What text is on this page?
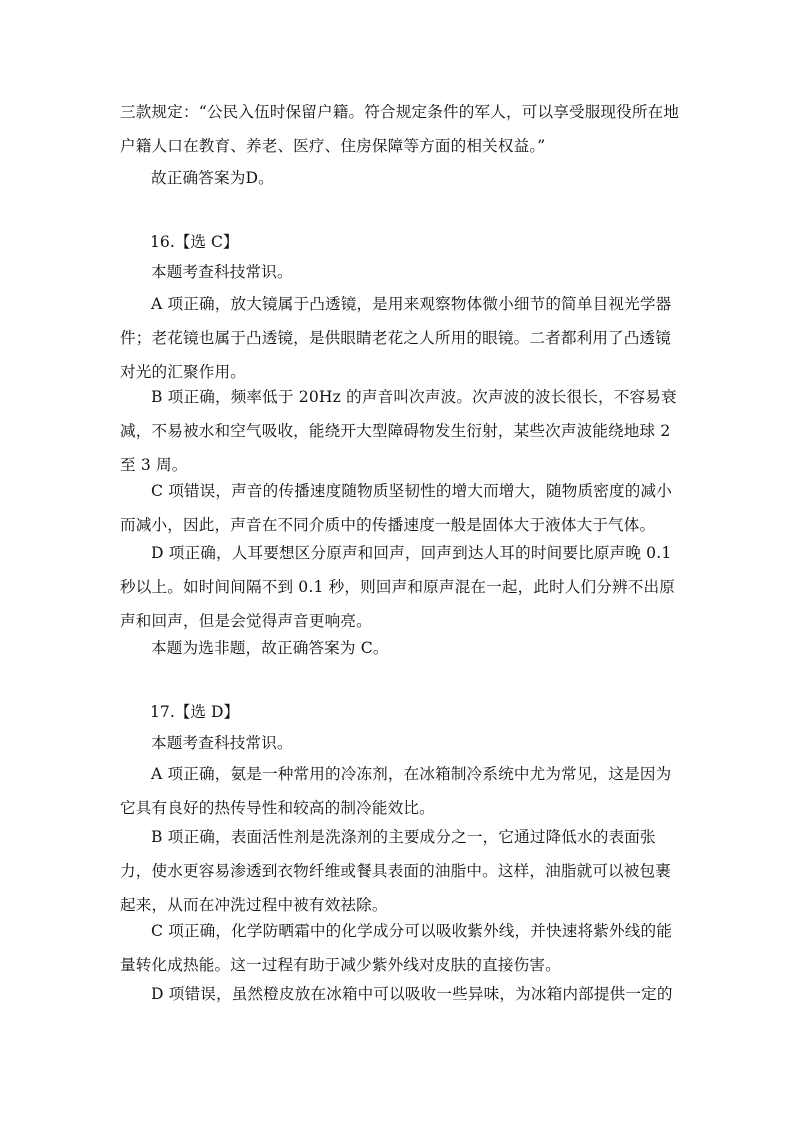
三款规定：“公民入伍时保留户籍。符合规定条件的军人，可以享受服现役所在地户籍人口在教育、养老、医疗、住房保障等方面的相关权益。”

故正确答案为D。

16.【选 C】

本题考查科技常识。

A 项正确，放大镜属于凸透镜，是用来观察物体微小细节的简单目视光学器件；老花镜也属于凸透镜，是供眼睛老花之人所用的眼镜。二者都利用了凸透镜对光的汇聚作用。

B 项正确，频率低于 20Hz 的声音叫次声波。次声波的波长很长，不容易衰减，不易被水和空气吸收，能绕开大型障碍物发生衍射，某些次声波能绕地球 2 至 3 周。

C 项错误，声音的传播速度随物质坚韧性的增大而增大，随物质密度的减小而减小，因此，声音在不同介质中的传播速度一般是固体大于液体大于气体。

D 项正确，人耳要想区分原声和回声，回声到达人耳的时间要比原声晚 0.1 秒以上。如时间间隔不到 0.1 秒，则回声和原声混在一起，此时人们分辨不出原声和回声，但是会觉得声音更响亮。

本题为选非题，故正确答案为 C。

17.【选 D】

本题考查科技常识。

A 项正确，氨是一种常用的冷冻剂，在冰箱制冷系统中尤为常见，这是因为它具有良好的热传导性和较高的制冷能效比。

B 项正确，表面活性剂是洗涤剂的主要成分之一，它通过降低水的表面张力，使水更容易渗透到衣物纤维或餐具表面的油脂中。这样，油脂就可以被包裹起来，从而在冲洗过程中被有效祛除。

C 项正确，化学防晒霜中的化学成分可以吸收紫外线，并快速将紫外线的能量转化成热能。这一过程有助于减少紫外线对皮肤的直接伤害。

D 项错误，虽然橙皮放在冰箱中可以吸收一些异味，为冰箱内部提供一定的
